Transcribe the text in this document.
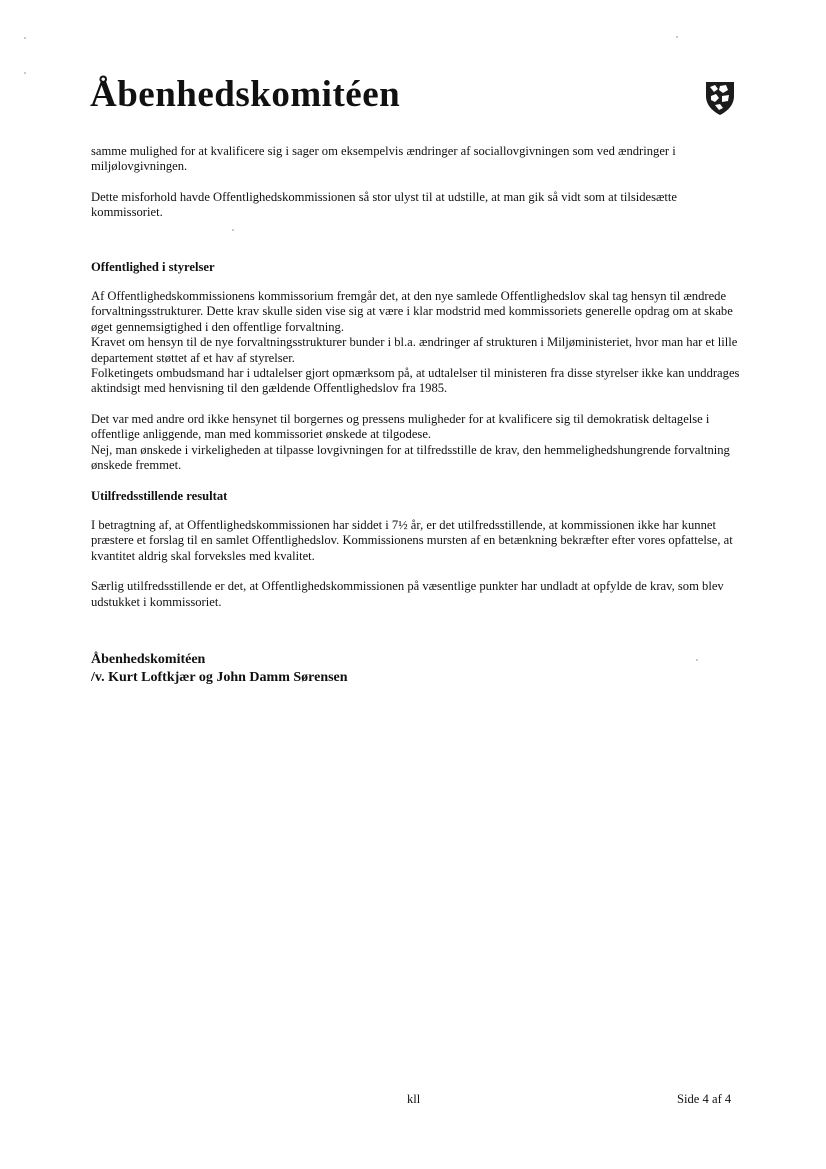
Åbenhedskomitéen

samme mulighed for at kvalificere sig i sager om eksempelvis ændringer af sociallovgivningen som ved ændringer i miljølovgivningen.

Dette misforhold havde Offentlighedskommissionen så stor ulyst til at udstille, at man gik så vidt som at tilsidesætte kommissoriet.

Offentlighed i styrelser

Af Offentlighedskommissionens kommissorium fremgår det, at den nye samlede Offentlighedslov skal tag hensyn til ændrede forvaltningsstrukturer. Dette krav skulle siden vise sig at være i klar modstrid med kommissoriets generelle opdrag om at skabe øget gennemsigtighed i den offentlige forvaltning.
Kravet om hensyn til de nye forvaltningsstrukturer bunder i bl.a. ændringer af strukturen i Miljøministeriet, hvor man har et lille departement støttet af et hav af styrelser.
Folketingets ombudsmand har i udtalelser gjort opmærksom på, at udtalelser til ministeren fra disse styrelser ikke kan unddrages aktindsigt med henvisning til den gældende Offentlighedslov fra 1985.

Det var med andre ord ikke hensynet til borgernes og pressens muligheder for at kvalificere sig til demokratisk deltagelse i offentlige anliggende, man med kommissoriet ønskede at tilgodese.
Nej, man ønskede i virkeligheden at tilpasse lovgivningen for at tilfredsstille de krav, den hemmelighedshungrende forvaltning ønskede fremmet.

Utilfredsstillende resultat

I betragtning af, at Offentlighedskommissionen har siddet i 7½ år, er det utilfredsstillende, at kommissionen ikke har kunnet præstere et forslag til en samlet Offentlighedslov. Kommissionens mursten af en betænkning bekræfter efter vores opfattelse, at kvantitet aldrig skal forveksles med kvalitet.

Særlig utilfredsstillende er det, at Offentlighedskommissionen på væsentlige punkter har undladt at opfylde de krav, som blev udstukket i kommissoriet.

Åbenhedskomitéen
/v. Kurt Loftkjær og John Damm Sørensen
kll	Side 4 af 4
